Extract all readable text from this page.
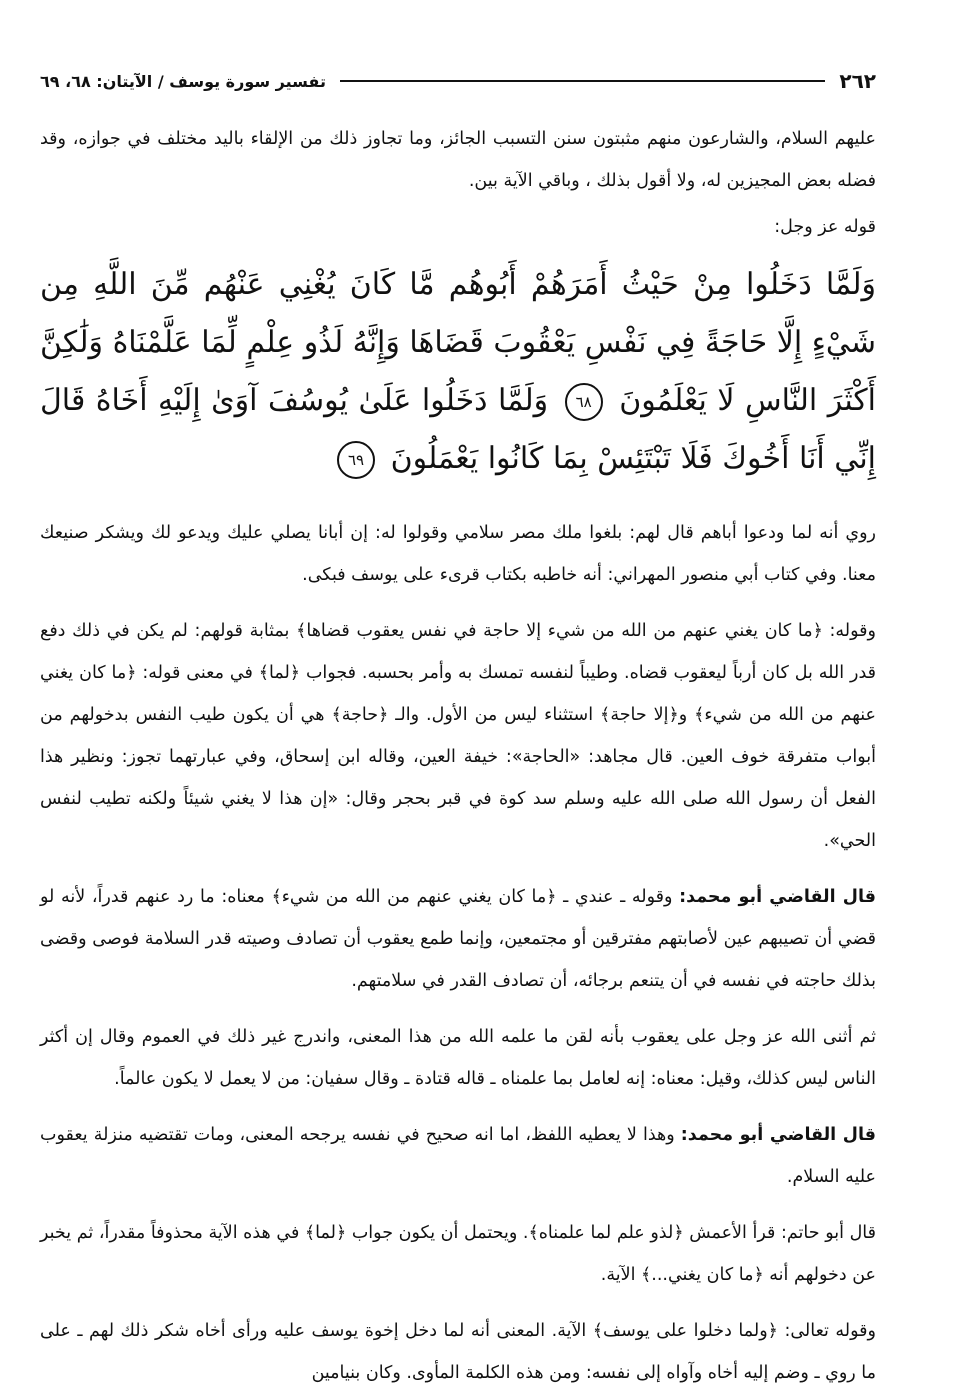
٢٦٢
تفسير سورة يوسف / الآيتان: ٦٨، ٦٩

عليهم السلام، والشارعون منهم مثبتون سنن التسبب الجائز، وما تجاوز ذلك من الإلقاء باليد مختلف في جوازه، وقد فضله بعض المجيزين له، ولا أقول بذلك ، وباقي الآية بين.

قوله عز وجل:

وَلَمَّا دَخَلُوا مِنْ حَيْثُ أَمَرَهُمْ أَبُوهُم مَّا كَانَ يُغْنِي عَنْهُم مِّنَ اللَّهِ مِن شَيْءٍ إِلَّا حَاجَةً فِي نَفْسِ يَعْقُوبَ قَضَاهَا وَإِنَّهُ لَذُو عِلْمٍ لِّمَا عَلَّمْنَاهُ وَلَٰكِنَّ أَكْثَرَ النَّاسِ لَا يَعْلَمُونَ ٦٨ وَلَمَّا دَخَلُوا عَلَىٰ يُوسُفَ آوَىٰ إِلَيْهِ أَخَاهُ قَالَ إِنِّي أَنَا أَخُوكَ فَلَا تَبْتَئِسْ بِمَا كَانُوا يَعْمَلُونَ ٦٩

روي أنه لما ودعوا أباهم قال لهم: بلغوا ملك مصر سلامي وقولوا له: إن أبانا يصلي عليك ويدعو لك ويشكر صنيعك معنا. وفي كتاب أبي منصور المهراني: أنه خاطبه بكتاب قرىء على يوسف فبكى.

وقوله: ﴿ما كان يغني عنهم من الله من شيء إلا حاجة في نفس يعقوب قضاها﴾ بمثابة قولهم: لم يكن في ذلك دفع قدر الله بل كان أرباً ليعقوب قضاه. وطيباً لنفسه تمسك به وأمر بحسبه. فجواب ﴿لما﴾ في معنى قوله: ﴿ما كان يغني عنهم من الله من شيء﴾ و﴿إلا حاجة﴾ استثناء ليس من الأول. والـ ﴿حاجة﴾ هي أن يكون طيب النفس بدخولهم من أبواب متفرقة خوف العين. قال مجاهد: «الحاجة»: خيفة العين، وقاله ابن إسحاق، وفي عبارتهما تجوز: ونظير هذا الفعل أن رسول الله صلى الله عليه وسلم سد كوة في قبر بحجر وقال: «إن هذا لا يغني شيئاً ولكنه تطيب لنفس الحي».

قال القاضي أبو محمد: وقوله ـ عندي ـ ﴿ما كان يغني عنهم من الله من شيء﴾ معناه: ما رد عنهم قدراً، لأنه لو قضي أن تصيبهم عين لأصابتهم مفترقين أو مجتمعين، وإنما طمع يعقوب أن تصادف وصيته قدر السلامة فوصى وقضى بذلك حاجته في نفسه في أن يتنعم برجائه، أن تصادف القدر في سلامتهم.

ثم أثنى الله عز وجل على يعقوب بأنه لقن ما علمه الله من هذا المعنى، واندرج غير ذلك في العموم وقال إن أكثر الناس ليس كذلك، وقيل: معناه: إنه لعامل بما علمناه ـ قاله قتادة ـ وقال سفيان: من لا يعمل لا يكون عالماً.

قال القاضي أبو محمد: وهذا لا يعطيه اللفظ، اما انه صحيح في نفسه يرجحه المعنى، ومات تقتضيه منزلة يعقوب عليه السلام.

قال أبو حاتم: قرأ الأعمش ﴿لذو علم لما علمناه﴾. ويحتمل أن يكون جواب ﴿لما﴾ في هذه الآية محذوفاً مقدراً، ثم يخبر عن دخولهم أنه ﴿ما كان يغني...﴾ الآية.

وقوله تعالى: ﴿ولما دخلوا على يوسف﴾ الآية. المعنى أنه لما دخل إخوة يوسف عليه ورأى أخاه شكر ذلك لهم ـ على ما روي ـ وضم إليه أخاه وآواه إلى نفسه: ومن هذه الكلمة المأوى. وكان بنيامين
